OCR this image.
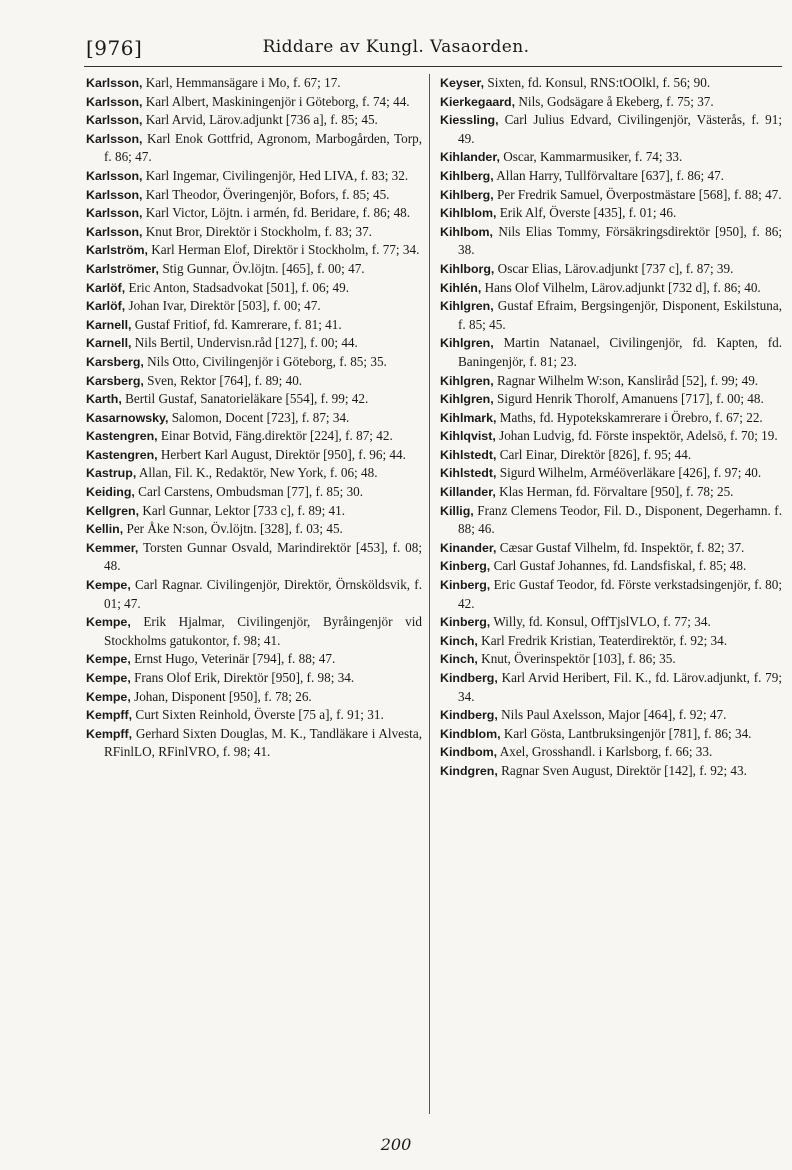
[976]	Riddare av Kungl. Vasaorden.

Karlsson, Karl, Hemmansägare i Mo, f. 67; 17.

Karlsson, Karl Albert, Maskiningenjör i Göteborg, f. 74; 44.

Karlsson, Karl Arvid, Lärov.adjunkt [736 a], f. 85; 45.

Karlsson, Karl Enok Gottfrid, Agronom, Marbogården, Torp, f. 86; 47.

Karlsson, Karl Ingemar, Civilingenjör, Hed LIVA, f. 83; 32.

Karlsson, Karl Theodor, Överingenjör, Bofors, f. 85; 45.

Karlsson, Karl Victor, Löjtn. i armén, fd. Beridare, f. 86; 48.

Karlsson, Knut Bror, Direktör i Stockholm, f. 83; 37.

Karlström, Karl Herman Elof, Direktör i Stockholm, f. 77; 34.

Karlströmer, Stig Gunnar, Öv.löjtn. [465], f. 00; 47.

Karlöf, Eric Anton, Stadsadvokat [501], f. 06; 49.

Karlöf, Johan Ivar, Direktör [503], f. 00; 47.

Karnell, Gustaf Fritiof, fd. Kamrerare, f. 81; 41.

Karnell, Nils Bertil, Undervisn.råd [127], f. 00; 44.

Karsberg, Nils Otto, Civilingenjör i Göteborg, f. 85; 35.

Karsberg, Sven, Rektor [764], f. 89; 40.

Karth, Bertil Gustaf, Sanatorieläkare [554], f. 99; 42.

Kasarnowsky, Salomon, Docent [723], f. 87; 34.

Kastengren, Einar Botvid, Fäng.direktör [224], f. 87; 42.

Kastengren, Herbert Karl August, Direktör [950], f. 96; 44.

Kastrup, Allan, Fil. K., Redaktör, New York, f. 06; 48.

Keiding, Carl Carstens, Ombudsman [77], f. 85; 30.

Kellgren, Karl Gunnar, Lektor [733 c], f. 89; 41.

Kellin, Per Åke N:son, Öv.löjtn. [328], f. 03; 45.

Kemmer, Torsten Gunnar Osvald, Marindirektör [453], f. 08; 48.

Kempe, Carl Ragnar. Civilingenjör, Direktör, Örnsköldsvik, f. 01; 47.

Kempe, Erik Hjalmar, Civilingenjör, Byråingenjör vid Stockholms gatukontor, f. 98; 41.

Kempe, Ernst Hugo, Veterinär [794], f. 88; 47.

Kempe, Frans Olof Erik, Direktör [950], f. 98; 34.

Kempe, Johan, Disponent [950], f. 78; 26.

Kempff, Curt Sixten Reinhold, Överste [75 a], f. 91; 31.

Kempff, Gerhard Sixten Douglas, M. K., Tandläkare i Alvesta, RFinlLO, RFinlVRO, f. 98; 41.

Keyser, Sixten, fd. Konsul, RNS:tOOlkl, f. 56; 90.

Kierkegaard, Nils, Godsägare å Ekeberg, f. 75; 37.

Kiessling, Carl Julius Edvard, Civilingenjör, Västerås, f. 91; 49.

Kihlander, Oscar, Kammarmusiker, f. 74; 33.

Kihlberg, Allan Harry, Tullförvaltare [637], f. 86; 47.

Kihlberg, Per Fredrik Samuel, Överpostmästare [568], f. 88; 47.

Kihlblom, Erik Alf, Överste [435], f. 01; 46.

Kihlbom, Nils Elias Tommy, Försäkringsdirektör [950], f. 86; 38.

Kihlborg, Oscar Elias, Lärov.adjunkt [737 c], f. 87; 39.

Kihlén, Hans Olof Vilhelm, Lärov.adjunkt [732 d], f. 86; 40.

Kihlgren, Gustaf Efraim, Bergsingenjör, Disponent, Eskilstuna, f. 85; 45.

Kihlgren, Martin Natanael, Civilingenjör, fd. Kapten, fd. Baningenjör, f. 81; 23.

Kihlgren, Ragnar Wilhelm W:son, Kansliråd [52], f. 99; 49.

Kihlgren, Sigurd Henrik Thorolf, Amanuens [717], f. 00; 48.

Kihlmark, Maths, fd. Hypotekskamrerare i Örebro, f. 67; 22.

Kihlqvist, Johan Ludvig, fd. Förste inspektör, Adelsö, f. 70; 19.

Kihlstedt, Carl Einar, Direktör [826], f. 95; 44.

Kihlstedt, Sigurd Wilhelm, Arméöverläkare [426], f. 97; 40.

Killander, Klas Herman, fd. Förvaltare [950], f. 78; 25.

Killig, Franz Clemens Teodor, Fil. D., Disponent, Degerhamn. f. 88; 46.

Kinander, Cæsar Gustaf Vilhelm, fd. Inspektör, f. 82; 37.

Kinberg, Carl Gustaf Johannes, fd. Landsfiskal, f. 85; 48.

Kinberg, Eric Gustaf Teodor, fd. Förste verkstadsingenjör, f. 80; 42.

Kinberg, Willy, fd. Konsul, OffTjslVLO, f. 77; 34.

Kinch, Karl Fredrik Kristian, Teaterdirektör, f. 92; 34.

Kinch, Knut, Överinspektör [103], f. 86; 35.

Kindberg, Karl Arvid Heribert, Fil. K., fd. Lärov.adjunkt, f. 79; 34.

Kindberg, Nils Paul Axelsson, Major [464], f. 92; 47.

Kindblom, Karl Gösta, Lantbruksingenjör [781], f. 86; 34.

Kindbom, Axel, Grosshandl. i Karlsborg, f. 66; 33.

Kindgren, Ragnar Sven August, Direktör [142], f. 92; 43.

200
